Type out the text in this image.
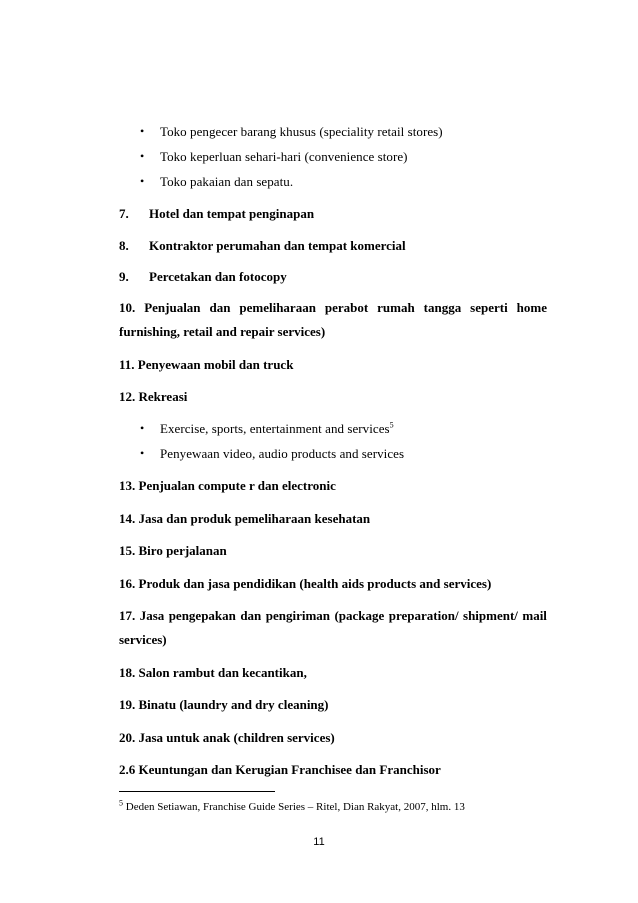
• Toko pengecer barang khusus (speciality retail stores)
• Toko keperluan sehari-hari (convenience store)
• Toko pakaian dan sepatu.
7. Hotel dan tempat penginapan
8. Kontraktor perumahan dan tempat komercial
9. Percetakan dan fotocopy
10. Penjualan dan pemeliharaan perabot rumah tangga seperti home
furnishing, retail and repair services)
11. Penyewaan mobil dan truck
12. Rekreasi
• Exercise, sports, entertainment and services$^5$
• Penyewaan video, audio products and services
13. Penjualan compute r dan electronic
14. Jasa dan produk pemeliharaan kesehatan
15. Biro perjalanan
16. Produk dan jasa pendidikan (health aids products and services)
17. Jasa pengepakan dan pengiriman (package preparation/ shipment/ mail
services)
18. Salon rambut dan kecantikan,
19. Binatu (laundry and dry cleaning)
20. Jasa untuk anak (children services)
2.6 Keuntungan dan Kerugian Franchisee dan Franchisor
$^5$ Deden Setiawan, Franchise Guide Series – Ritel, Dian Rakyat, 2007, hlm. 13
11
